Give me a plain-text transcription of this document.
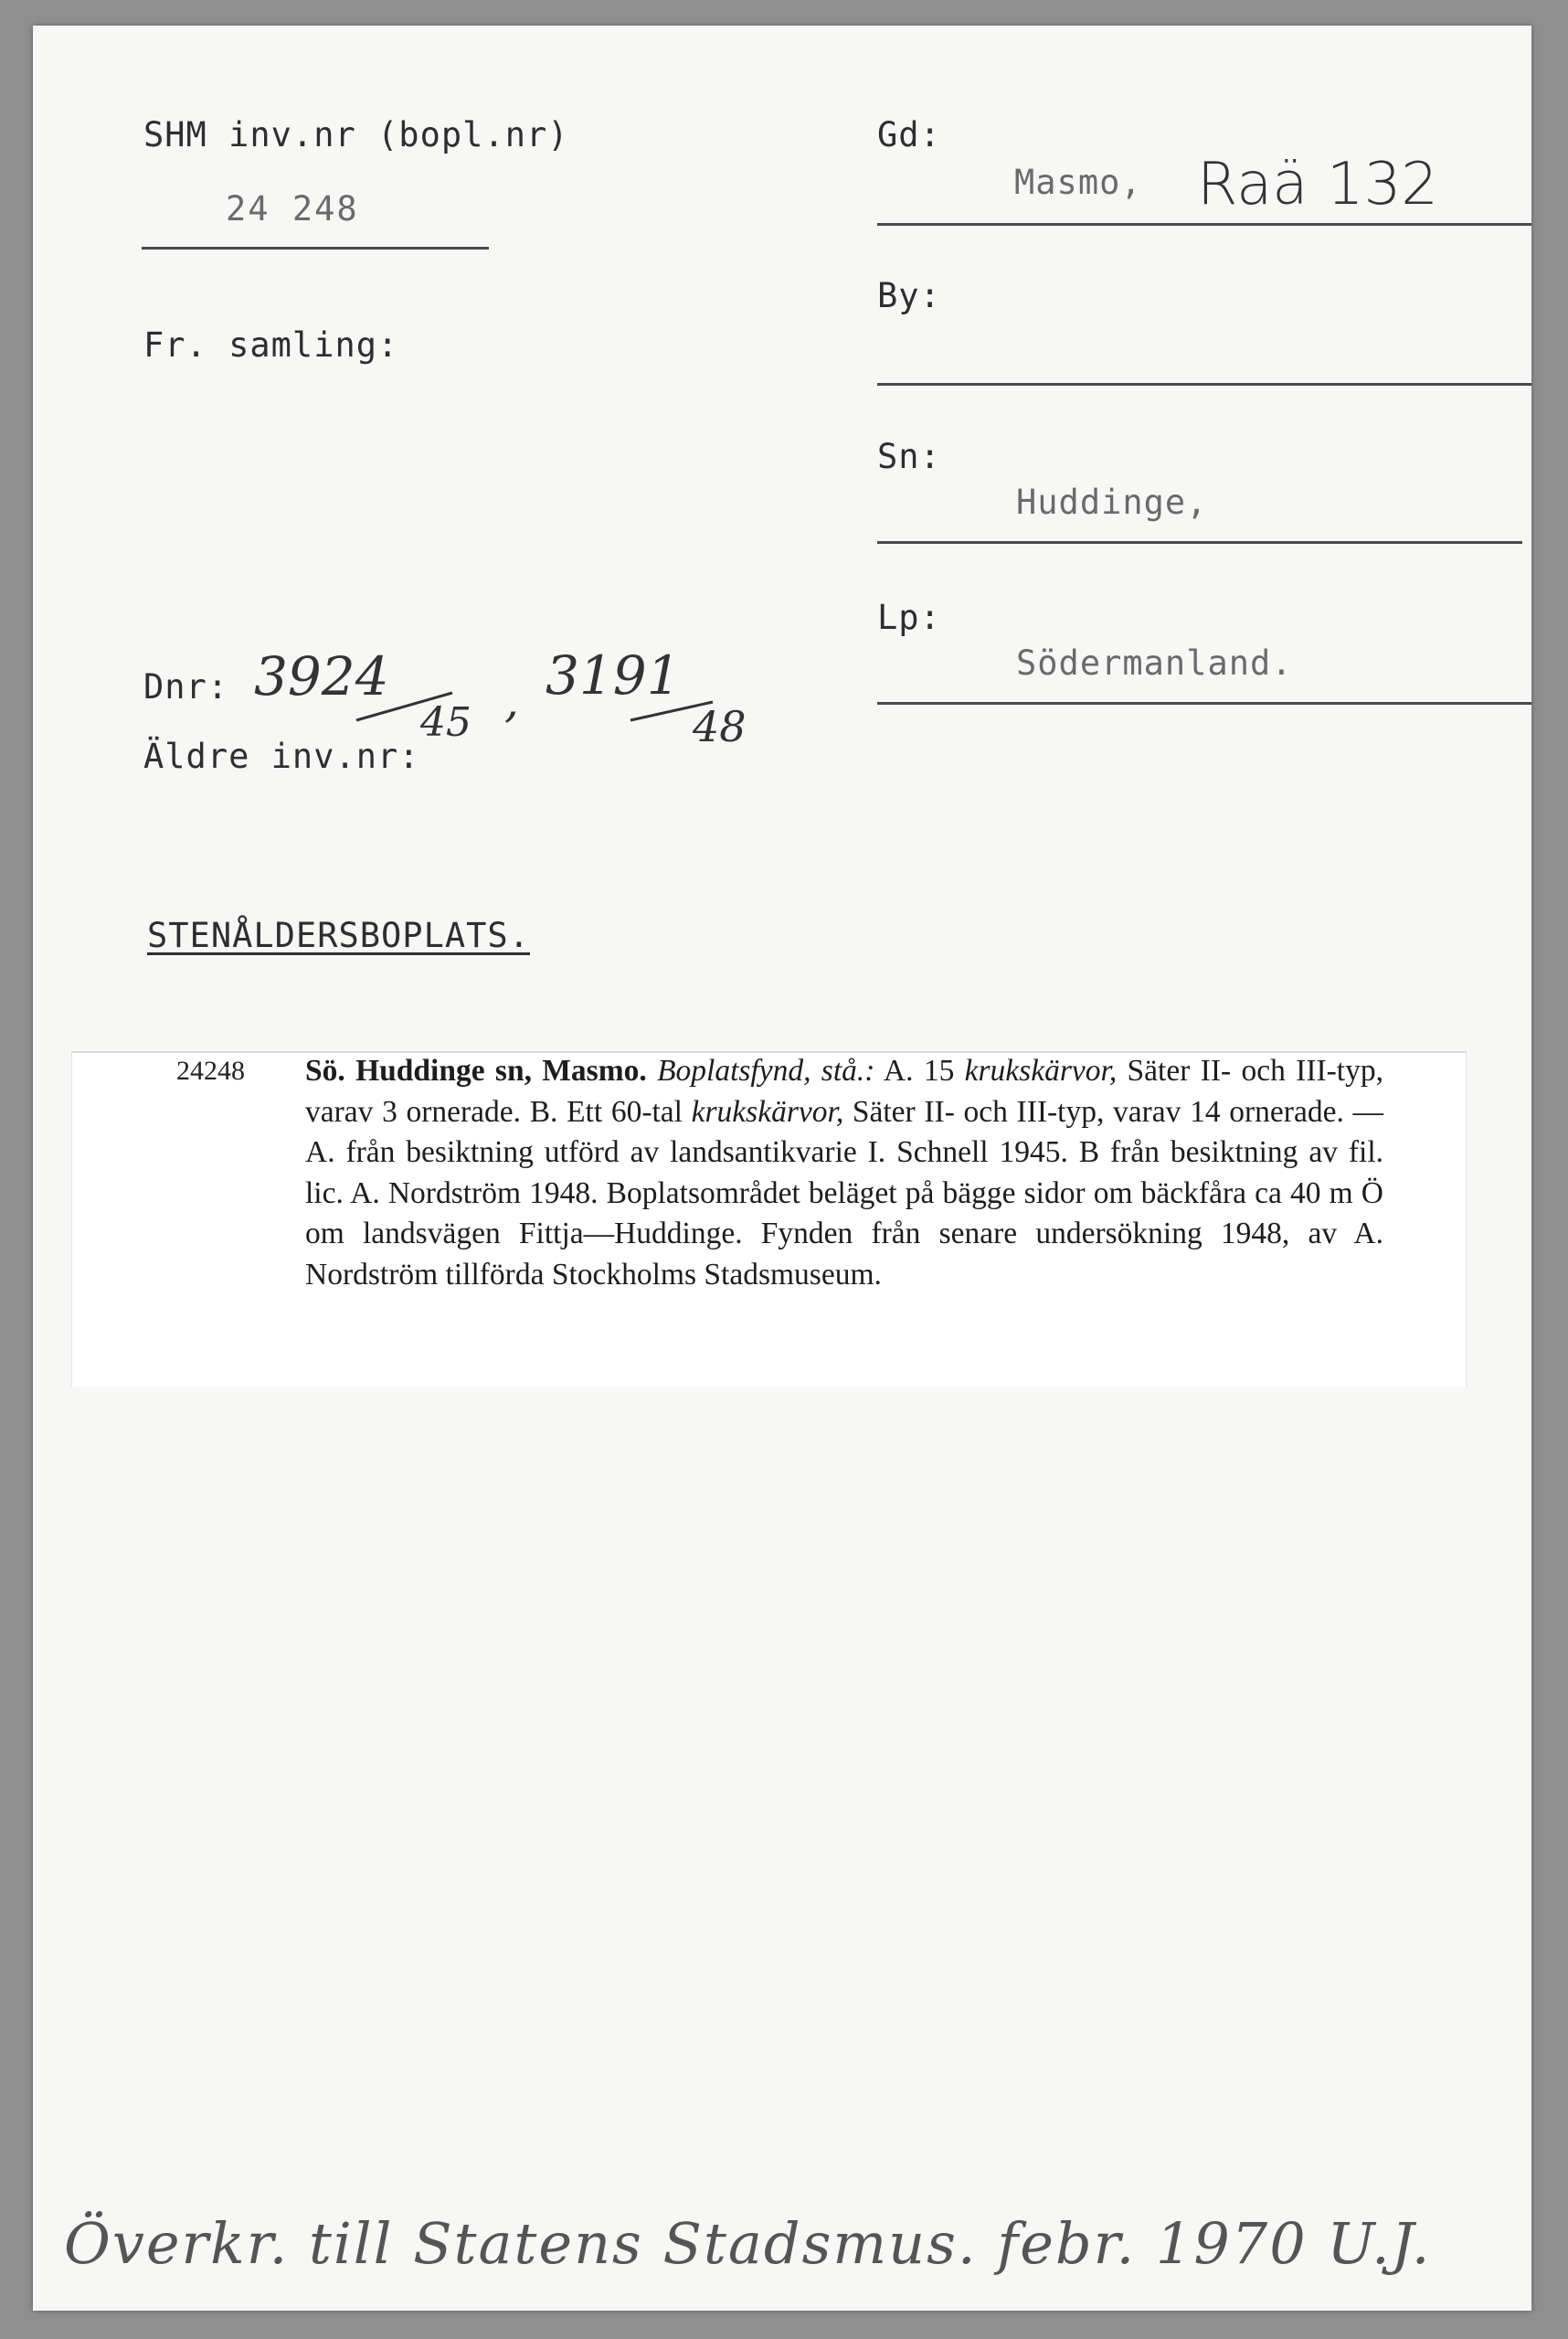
SHM inv.nr (bopl.nr)
24 248
Fr. samling:
Dnr: 3924
45 , 3191
48
Äldre inv.nr:
STENÅLDERSBOPLATS.
Gd:
Masmo, Raä 132
By:
Sn:
Huddinge,
Lp:
Södermanland.
24248 Sö. Huddinge sn, Masmo. Boplatsfynd, stå.: A. 15 krukskärvor, Säter II- och III-typ, varav 3 ornerade. B. Ett 60-tal krukskärvor, Säter II- och III-typ, varav 14 ornerade. — A. från besiktning utförd av landsantikvarie I. Schnell 1945. B från besiktning av fil. lic. A. Nordström 1948. Boplatsområdet beläget på bägge sidor om bäckfåra ca 40 m Ö om landsvägen Fittja—Huddinge. Fynden från senare undersökning 1948, av A. Nordström tillförda Stockholms Stadsmuseum.
Överkr. till Statens Stadsmus. febr. 1970 U.J.
